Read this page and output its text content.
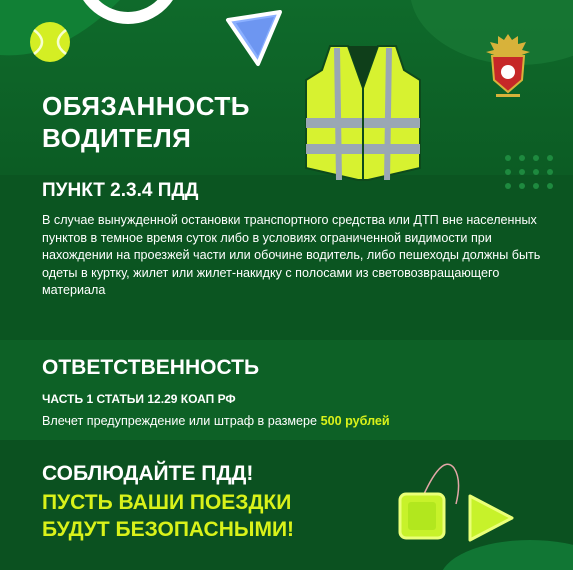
ОБЯЗАННОСТЬ
ВОДИТЕЛЯ
ПУНКТ 2.3.4 ПДД
В случае вынужденной остановки транспортного средства или ДТП вне населенных пунктов в темное время суток либо в условиях ограниченной видимости при нахождении на проезжей части или обочине водитель, либо пешеходы должны быть одеты в куртку, жилет или жилет-накидку с полосами из световозвращающего материала
ОТВЕТСТВЕННОСТЬ
ЧАСТЬ 1 СТАТЬИ 12.29 КОАП РФ
Влечет предупреждение или штраф в размере 500 рублей
СОБЛЮДАЙТЕ ПДД!
ПУСТЬ ВАШИ ПОЕЗДКИ
БУДУТ БЕЗОПАСНЫМИ!
